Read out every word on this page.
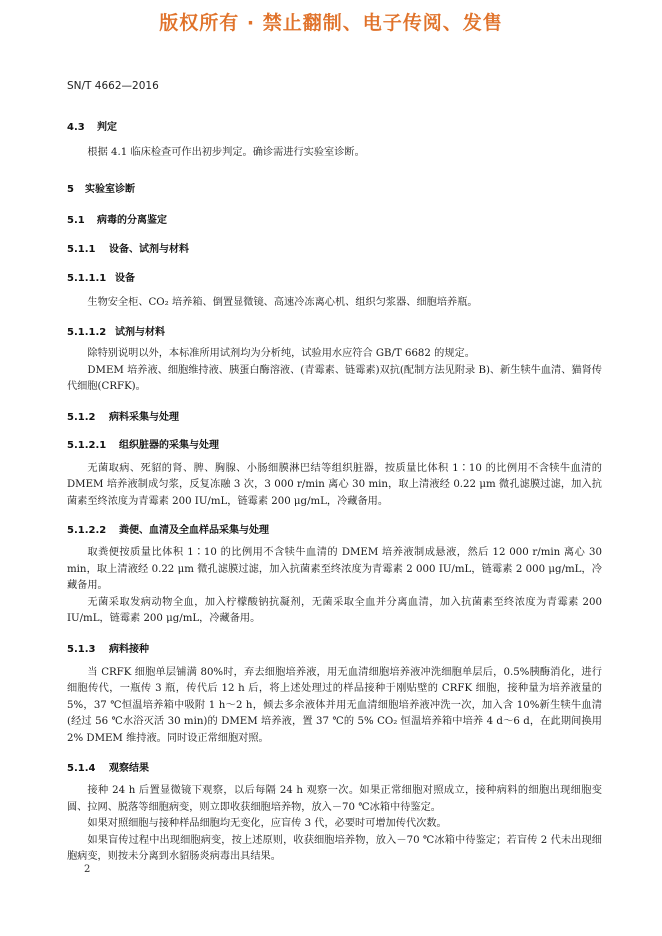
版权所有 · 禁止翻制、电子传阅、发售
SN/T 4662—2016
4.3	判定

根据 4.1 临床检查可作出初步判定。确诊需进行实验室诊断。

5	实验室诊断
5.1	病毒的分离鉴定
5.1.1	设备、试剂与材料
5.1.1.1 设备

生物安全柜、CO₂ 培养箱、倒置显微镜、高速冷冻离心机、组织匀浆器、细胞培养瓶。

5.1.1.2 试剂与材料

除特别说明以外，本标准所用试剂均为分析纯，试验用水应符合 GB/T 6682 的规定。

DMEM 培养液、细胞维持液、胰蛋白酶溶液、(青霉素、链霉素)双抗(配制方法见附录 B)、新生犊牛血清、猫肾传代细胞(CRFK)。

5.1.2	病料采集与处理
5.1.2.1	组织脏器的采集与处理

无菌取病、死貂的肾、脾、胸腺、小肠细膜淋巴结等组织脏器，按质量比体积 1∶10 的比例用不含犊牛血清的 DMEM 培养液制成匀浆，反复冻融 3 次，3 000 r/min 离心 30 min，取上清液经 0.22 μm 微孔滤膜过滤，加入抗菌素至终浓度为青霉素 200 IU/mL，链霉素 200 μg/mL，冷藏备用。

5.1.2.2	粪便、血清及全血样品采集与处理

取粪便按质量比体积 1∶10 的比例用不含犊牛血清的 DMEM 培养液制成悬液，然后 12 000 r/min 离心 30 min，取上清液经 0.22 μm 微孔滤膜过滤，加入抗菌素至终浓度为青霉素 2 000 IU/mL，链霉素 2 000 μg/mL，冷藏备用。

无菌采取发病动物全血，加入柠檬酸钠抗凝剂，无菌采取全血并分离血清，加入抗菌素至终浓度为青霉素 200 IU/mL，链霉素 200 μg/mL，冷藏备用。

5.1.3	病料接种

当 CRFK 细胞单层铺满 80%时，弃去细胞培养液，用无血清细胞培养液冲洗细胞单层后，0.5%胰酶消化，进行细胞传代，一瓶传 3 瓶，传代后 12 h 后，将上述处理过的样品接种于刚贴壁的 CRFK 细胞，接种量为培养液量的 5%，37 ℃恒温培养箱中吸附 1 h～2 h，倾去多余液体并用无血清细胞培养液冲洗一次，加入含 10%新生犊牛血清(经过 56 ℃水浴灭活 30 min)的 DMEM 培养液，置 37 ℃的 5% CO₂ 恒温培养箱中培养 4 d～6 d，在此期间换用 2% DMEM 维持液。同时设正常细胞对照。

5.1.4	观察结果

接种 24 h 后置显微镜下观察，以后每隔 24 h 观察一次。如果正常细胞对照成立，接种病料的细胞出现细胞变圆、拉网、脱落等细胞病变，则立即收获细胞培养物，放入－70 ℃冰箱中待鉴定。

如果对照细胞与接种样品细胞均无变化，应盲传 3 代，必要时可增加传代次数。

如果盲传过程中出现细胞病变，按上述原则，收获细胞培养物，放入－70 ℃冰箱中待鉴定；若盲传 2 代未出现细胞病变，则按未分离到水貂肠炎病毒出具结果。

2
